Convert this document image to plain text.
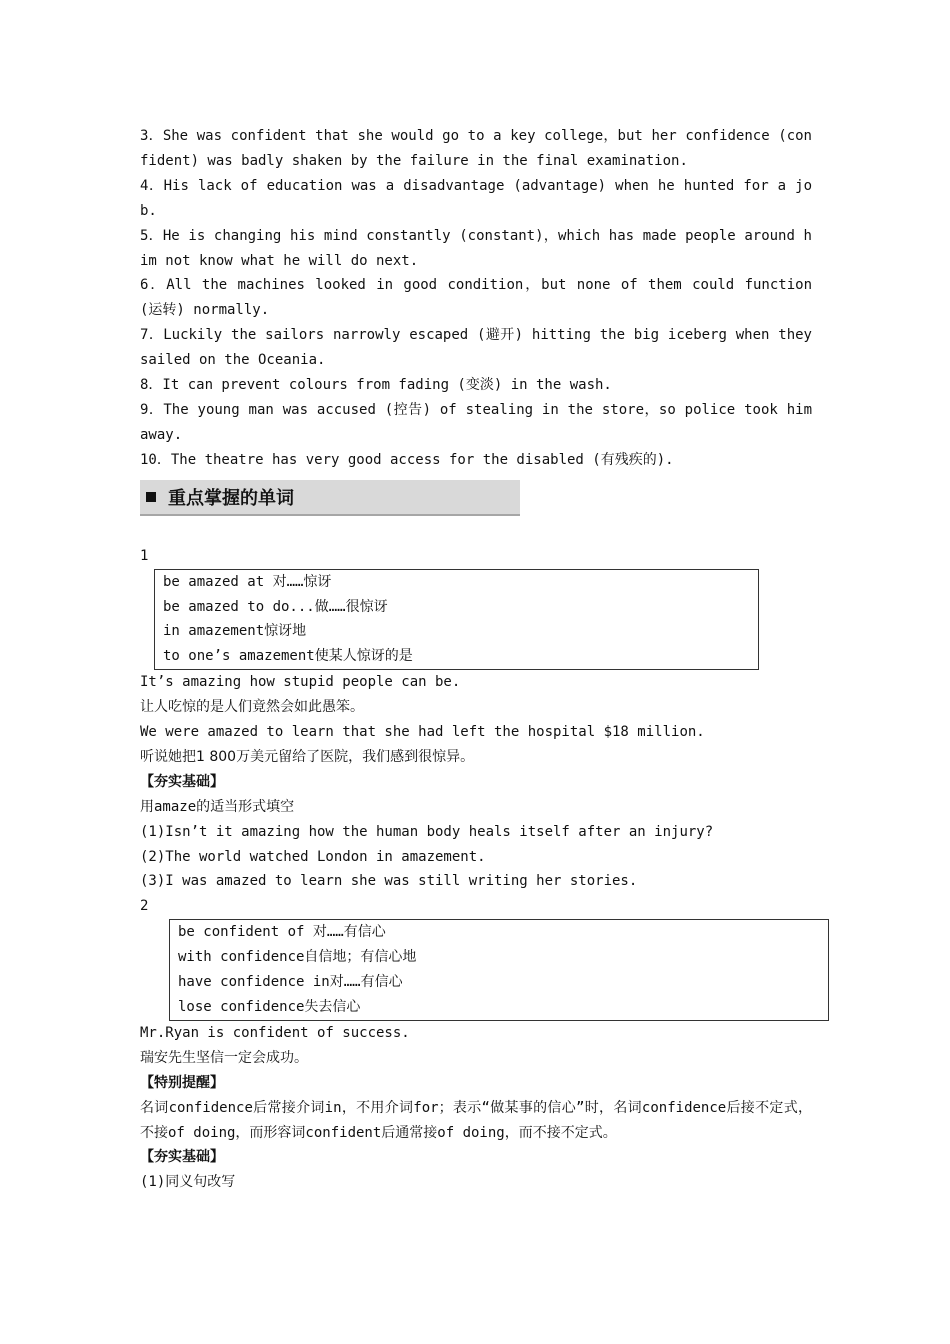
3．She was confident that she would go to a key college，but her confidence (confident) was badly shaken by the failure in the final examination.

4．His lack of education was a disadvantage (advantage) when he hunted for a job.

5．He is changing his mind constantly (constant)，which has made people around him not know what he will do next.

6．All the machines looked in good condition，but none of them could function (运转) normally.

7．Luckily the sailors narrowly escaped (避开) hitting the big iceberg when they sailed on the Oceania.

8．It can prevent colours from fading (变淡) in the wash.

9．The young man was accused (控告) of stealing in the store，so police took him away.

10．The theatre has very good access for the disabled (有残疾的).

重点掌握的单词

1

be amazed at 对……惊讶

be amazed to do...做……很惊讶

in amazement惊讶地

to one’s amazement使某人惊讶的是

It’s amazing how stupid people can be.

让人吃惊的是人们竟然会如此愚笨。

We were amazed to learn that she had left the hospital $18 million.

听说她把1 800万美元留给了医院，我们感到很惊异。

【夯实基础】

用amaze的适当形式填空

(1)Isn’t it amazing how the human body heals itself after an injury?

(2)The world watched London in amazement.

(3)I was amazed to learn she was still writing her stories.

2

be confident of 对……有信心

with confidence自信地；有信心地

have confidence in对……有信心

lose confidence失去信心

Mr.Ryan is confident of success.

瑞安先生坚信一定会成功。

【特别提醒】

名词confidence后常接介词in，不用介词for；表示“做某事的信心”时，名词confidence后接不定式，不接of doing，而形容词confident后通常接of doing，而不接不定式。

【夯实基础】

(1)同义句改写
